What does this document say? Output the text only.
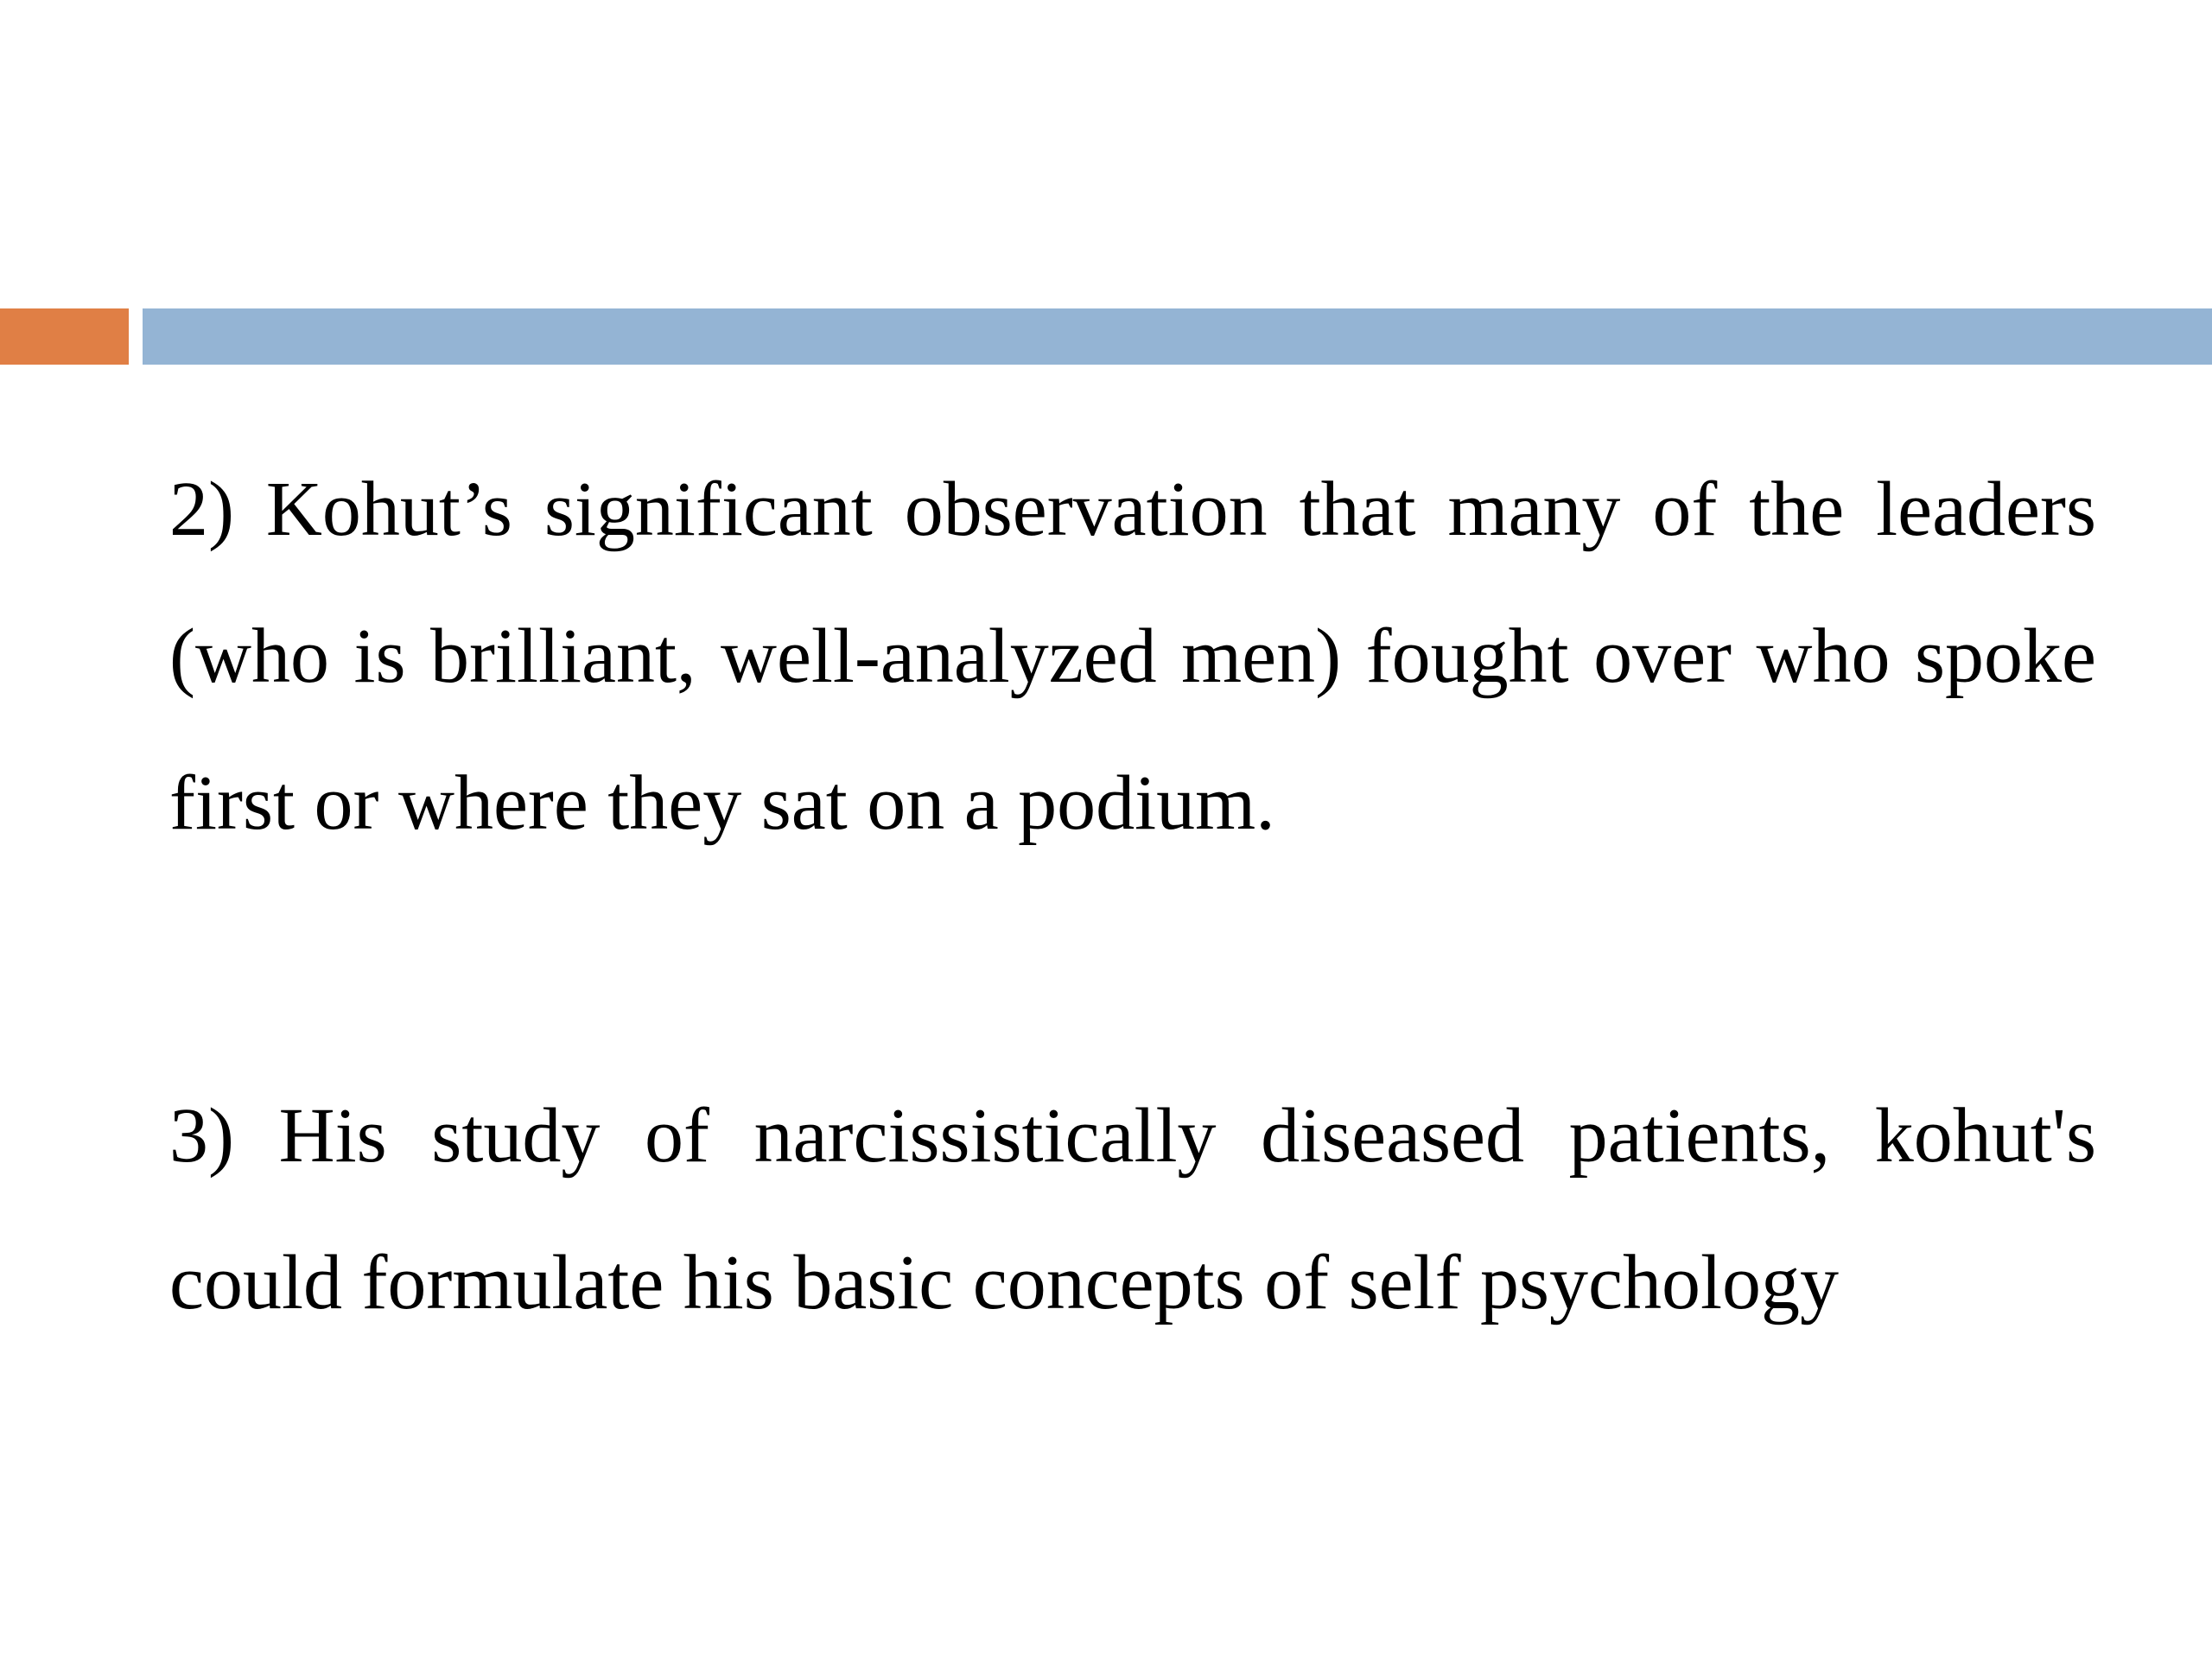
2) Kohut’s significant observation that many of the leaders (who is brilliant, well-analyzed men) fought over who spoke first or where they sat on a podium.

3) His study of narcissistically diseased patients, kohut's could formulate his basic concepts of self psychology
